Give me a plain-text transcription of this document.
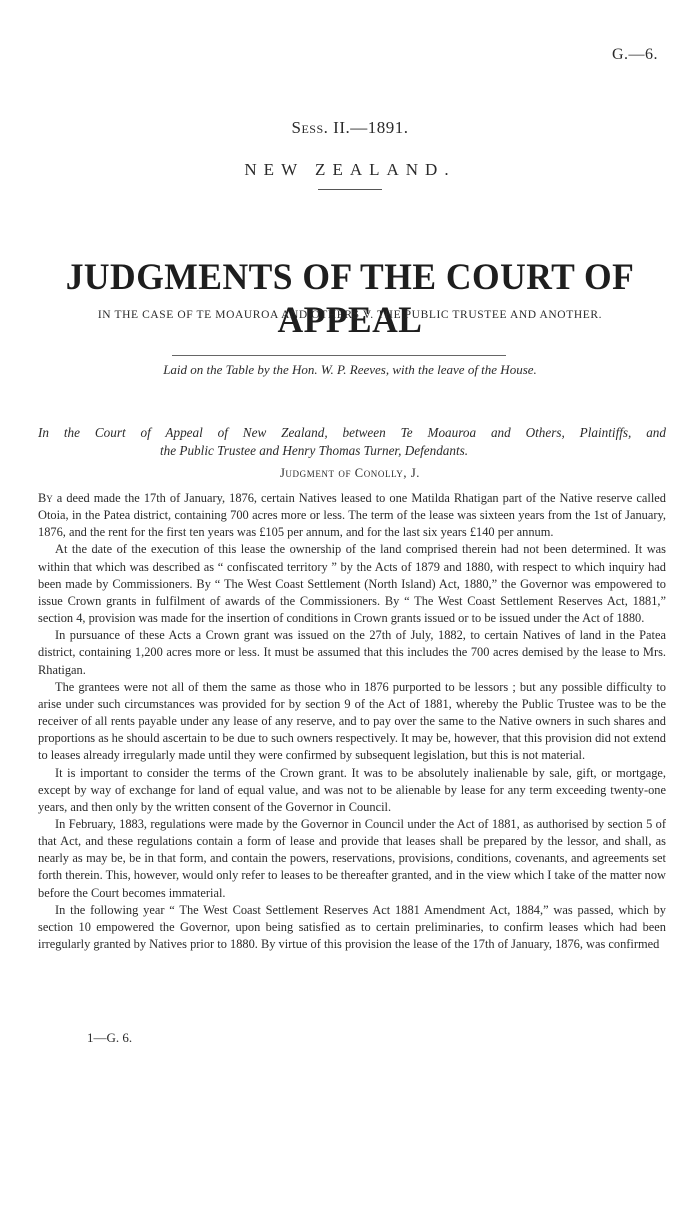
G.—6.
Sess. II.—1891.
NEW ZEALAND.
JUDGMENTS OF THE COURT OF APPEAL
IN THE CASE OF TE MOAUROA AND OTHERS V. THE PUBLIC TRUSTEE AND ANOTHER.
Laid on the Table by the Hon. W. P. Reeves, with the leave of the House.
In the Court of Appeal of New Zealand, between Te Moauroa and Others, Plaintiffs, and
the Public Trustee and Henry Thomas Turner, Defendants.
Judgment of Conolly, J.

By a deed made the 17th of January, 1876, certain Natives leased to one Matilda Rhatigan part of the Native reserve called Otoia, in the Patea district, containing 700 acres more or less. The term of the lease was sixteen years from the 1st of January, 1876, and the rent for the first ten years was £105 per annum, and for the last six years £140 per annum.

At the date of the execution of this lease the ownership of the land comprised therein had not been determined. It was within that which was described as “ confiscated territory ” by the Acts of 1879 and 1880, with respect to which inquiry had been made by Commissioners. By “ The West Coast Settlement (North Island) Act, 1880,” the Governor was empowered to issue Crown grants in fulfilment of awards of the Commissioners. By “ The West Coast Settlement Reserves Act, 1881,” section 4, provision was made for the insertion of conditions in Crown grants issued or to be issued under the Act of 1880.

In pursuance of these Acts a Crown grant was issued on the 27th of July, 1882, to certain Natives of land in the Patea district, containing 1,200 acres more or less. It must be assumed that this includes the 700 acres demised by the lease to Mrs. Rhatigan.

The grantees were not all of them the same as those who in 1876 purported to be lessors ; but any possible difficulty to arise under such circumstances was provided for by section 9 of the Act of 1881, whereby the Public Trustee was to be the receiver of all rents payable under any lease of any reserve, and to pay over the same to the Native owners in such shares and proportions as he should ascertain to be due to such owners respectively. It may be, however, that this provision did not extend to leases already irregularly made until they were confirmed by subsequent legislation, but this is not material.

It is important to consider the terms of the Crown grant. It was to be absolutely inalienable by sale, gift, or mortgage, except by way of exchange for land of equal value, and was not to be alienable by lease for any term exceeding twenty-one years, and then only by the written consent of the Governor in Council.

In February, 1883, regulations were made by the Governor in Council under the Act of 1881, as authorised by section 5 of that Act, and these regulations contain a form of lease and provide that leases shall be prepared by the lessor, and shall, as nearly as may be, be in that form, and contain the powers, reservations, provisions, conditions, covenants, and agreements set forth therein. This, however, would only refer to leases to be thereafter granted, and in the view which I take of the matter now before the Court becomes immaterial.

In the following year “ The West Coast Settlement Reserves Act 1881 Amendment Act, 1884,” was passed, which by section 10 empowered the Governor, upon being satisfied as to certain preliminaries, to confirm leases which had been irregularly granted by Natives prior to 1880. By virtue of this provision the lease of the 17th of January, 1876, was confirmed

1—G. 6.
